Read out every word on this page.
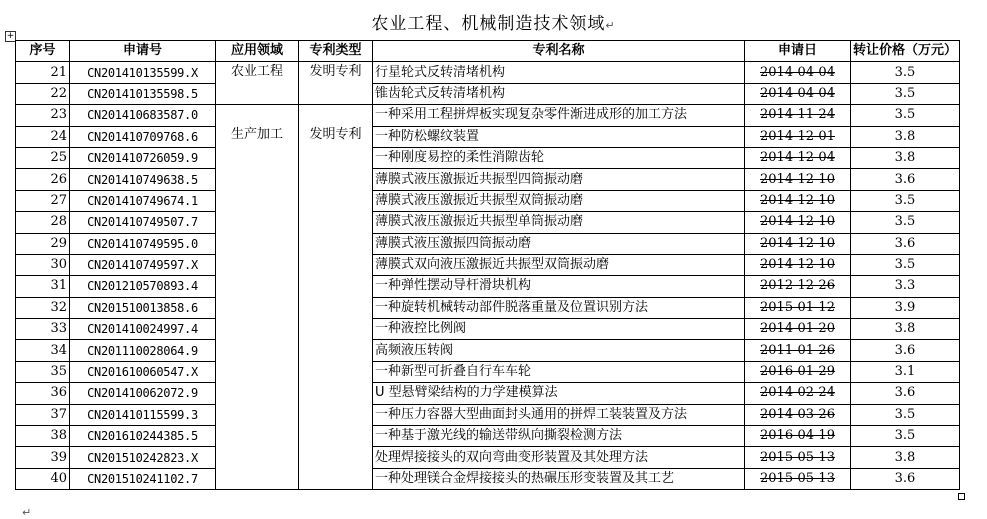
农业工程、机械制造技术领域↵
+
序号	申请号	应用领域	专利类型	专利名称	申请日	转让价格（万元）
21	CN201410135599.X	农业工程	发明专利	行星轮式反转清堵机构	2014-04-04	3.5
22	CN201410135598.5			锥齿轮式反转清堵机构	2014-04-04	3.5
23	CN201410683587.0	生产加工	发明专利	一种采用工程拼焊板实现复杂零件渐进成形的加工方法	2014-11-24	3.5
24	CN201410709768.6			一种防松螺纹装置	2014-12-01	3.8
25	CN201410726059.9			一种刚度易控的柔性消隙齿轮	2014-12-04	3.8
26	CN201410749638.5			薄膜式液压激振近共振型四筒振动磨	2014-12-10	3.6
27	CN201410749674.1			薄膜式液压激振近共振型双筒振动磨	2014-12-10	3.5
28	CN201410749507.7			薄膜式液压激振近共振型单筒振动磨	2014-12-10	3.5
29	CN201410749595.0			薄膜式液压激振四筒振动磨	2014-12-10	3.6
30	CN201410749597.X			薄膜式双向液压激振近共振型双筒振动磨	2014-12-10	3.5
31	CN201210570893.4			一种弹性摆动导杆滑块机构	2012-12-26	3.3
32	CN201510013858.6			一种旋转机械转动部件脱落重量及位置识别方法	2015-01-12	3.9
33	CN201410024997.4			一种液控比例阀	2014-01-20	3.8
34	CN201110028064.9			高频液压转阀	2011-01-26	3.6
35	CN201610060547.X			一种新型可折叠自行车车轮	2016-01-29	3.1
36	CN201410062072.9			U 型悬臂梁结构的力学建模算法	2014-02-24	3.6
37	CN201410115599.3			一种压力容器大型曲面封头通用的拼焊工装装置及方法	2014-03-26	3.5
38	CN201610244385.5			一种基于激光线的输送带纵向撕裂检测方法	2016-04-19	3.5
39	CN201510242823.X			处理焊接接头的双向弯曲变形装置及其处理方法	2015-05-13	3.8
40	CN201510241102.7			一种处理镁合金焊接接头的热碾压形变装置及其工艺	2015-05-13	3.6
↵
